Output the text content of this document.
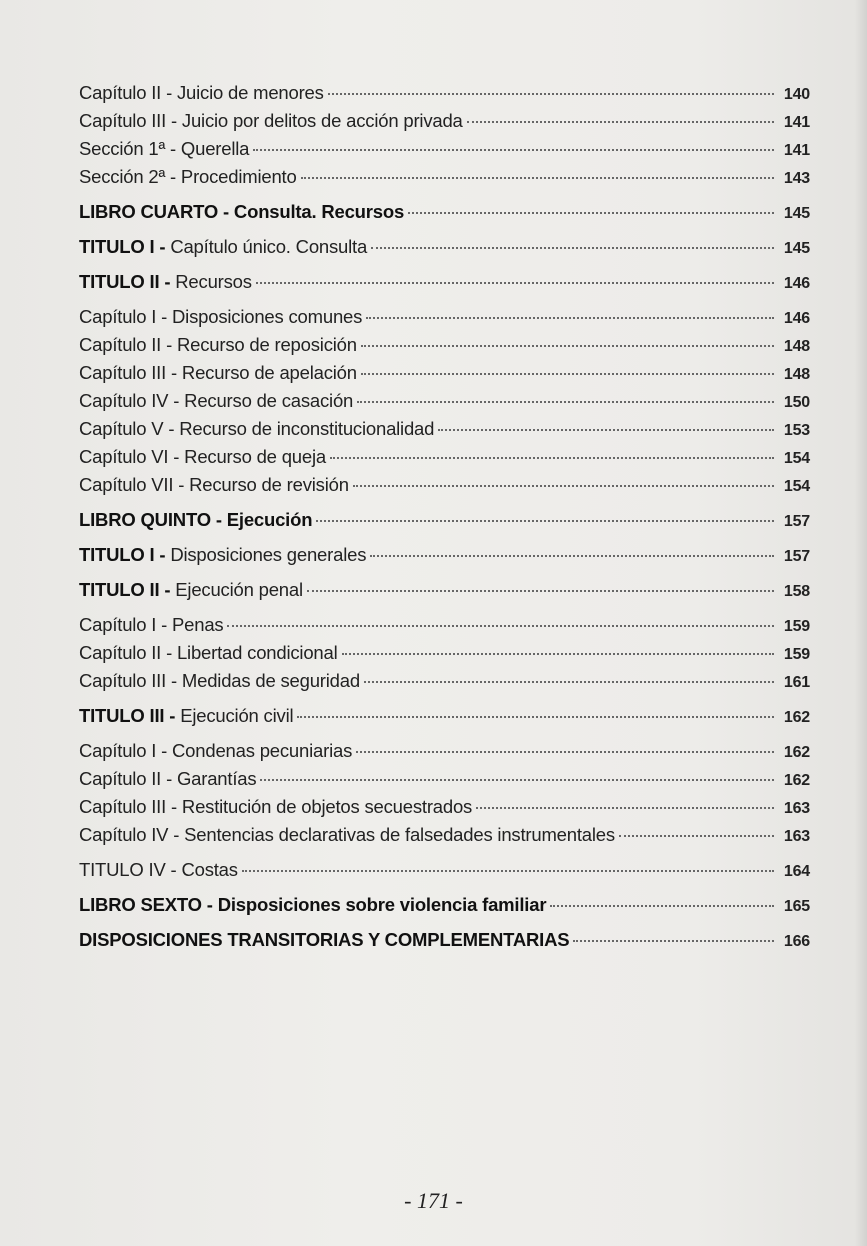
Capítulo II - Juicio de menores	140
Capítulo III - Juicio por delitos de acción privada	141
Sección 1ª - Querella	141
Sección 2ª - Procedimiento	143
LIBRO CUARTO - Consulta. Recursos	145
TITULO I - Capítulo único. Consulta	145
TITULO II - Recursos	146
Capítulo I - Disposiciones comunes	146
Capítulo II - Recurso de reposición	148
Capítulo III - Recurso de apelación	148
Capítulo IV - Recurso de casación	150
Capítulo V - Recurso de inconstitucionalidad	153
Capítulo VI - Recurso de queja	154
Capítulo VII - Recurso de revisión	154
LIBRO QUINTO - Ejecución	157
TITULO I - Disposiciones generales	157
TITULO II - Ejecución penal	158
Capítulo I - Penas	159
Capítulo II - Libertad condicional	159
Capítulo III - Medidas de seguridad	161
TITULO III - Ejecución civil	162
Capítulo I - Condenas pecuniarias	162
Capítulo II - Garantías	162
Capítulo III - Restitución de objetos secuestrados	163
Capítulo IV - Sentencias declarativas de falsedades instrumentales	163
TITULO IV - Costas	164
LIBRO SEXTO - Disposiciones sobre violencia familiar	165
DISPOSICIONES TRANSITORIAS Y COMPLEMENTARIAS	166
- 171 -
